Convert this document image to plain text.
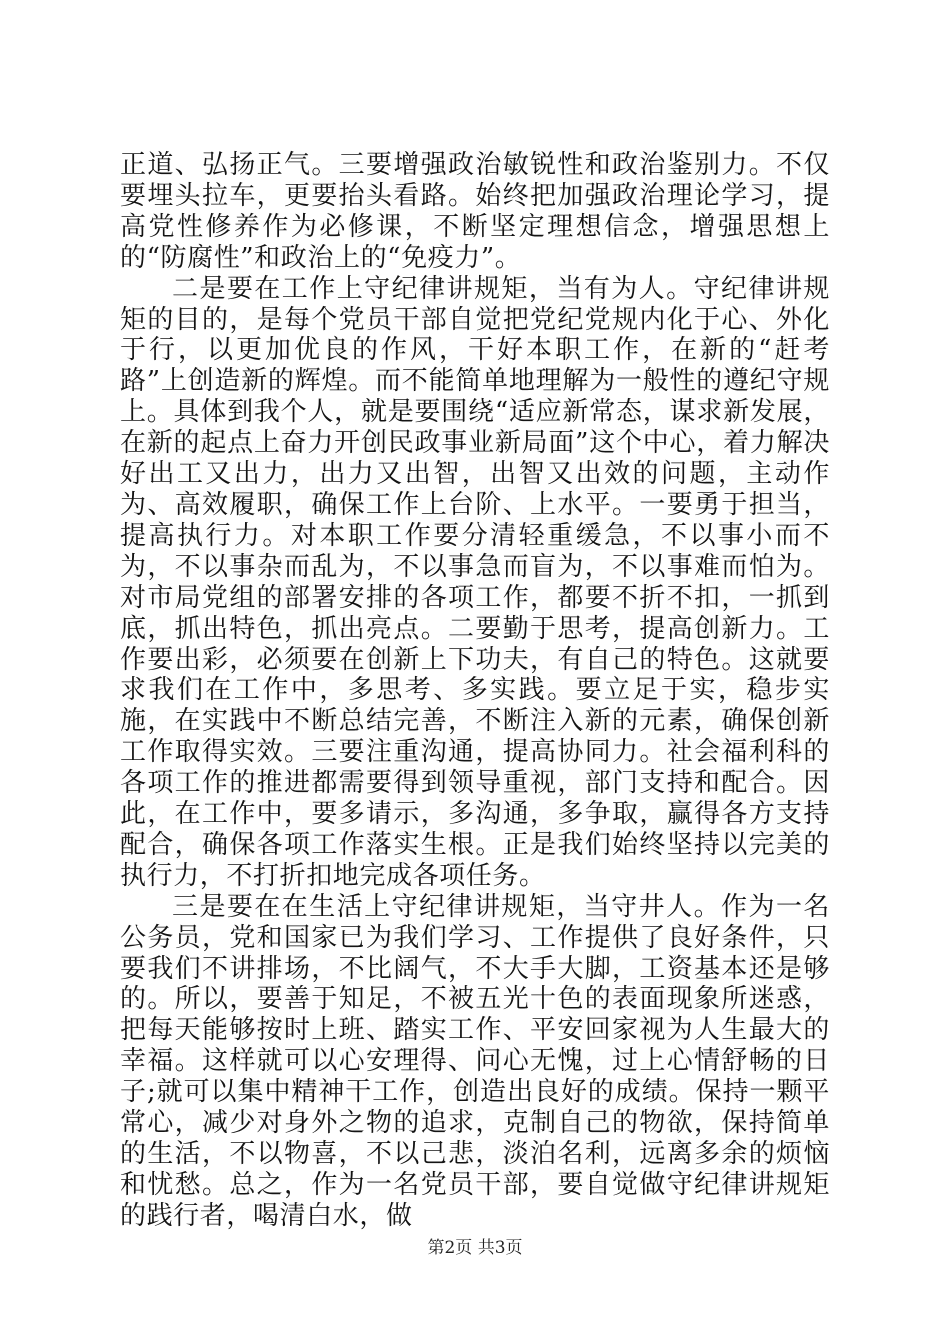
正道、弘扬正气。三要增强政治敏锐性和政治鉴别力。不仅要埋头拉车，更要抬头看路。始终把加强政治理论学习，提高党性修养作为必修课，不断坚定理想信念，增强思想上的“防腐性”和政治上的“免疫力”。

二是要在工作上守纪律讲规矩，当有为人。守纪律讲规矩的目的，是每个党员干部自觉把党纪党规内化于心、外化于行，以更加优良的作风，干好本职工作，在新的“赶考路”上创造新的辉煌。而不能简单地理解为一般性的遵纪守规上。具体到我个人，就是要围绕“适应新常态，谋求新发展，在新的起点上奋力开创民政事业新局面”这个中心，着力解决好出工又出力，出力又出智，出智又出效的问题，主动作为、高效履职，确保工作上台阶、上水平。一要勇于担当，提高执行力。对本职工作要分清轻重缓急，不以事小而不为，不以事杂而乱为，不以事急而盲为，不以事难而怕为。对市局党组的部署安排的各项工作，都要不折不扣，一抓到底，抓出特色，抓出亮点。二要勤于思考，提高创新力。工作要出彩，必须要在创新上下功夫，有自己的特色。这就要求我们在工作中，多思考、多实践。要立足于实，稳步实施，在实践中不断总结完善，不断注入新的元素，确保创新工作取得实效。三要注重沟通，提高协同力。社会福利科的各项工作的推进都需要得到领导重视，部门支持和配合。因此，在工作中，要多请示，多沟通，多争取，赢得各方支持配合，确保各项工作落实生根。正是我们始终坚持以完美的执行力，不打折扣地完成各项任务。

三是要在在生活上守纪律讲规矩，当守井人。作为一名公务员，党和国家已为我们学习、工作提供了良好条件，只要我们不讲排场，不比阔气，不大手大脚，工资基本还是够的。所以，要善于知足，不被五光十色的表面现象所迷惑，把每天能够按时上班、踏实工作、平安回家视为人生最大的幸福。这样就可以心安理得、问心无愧，过上心情舒畅的日子;就可以集中精神干工作，创造出良好的成绩。保持一颗平常心，减少对身外之物的追求，克制自己的物欲，保持简单的生活，不以物喜，不以己悲，淡泊名利，远离多余的烦恼和忧愁。总之，作为一名党员干部，要自觉做守纪律讲规矩的践行者，喝清白水，做

第2页 共3页
